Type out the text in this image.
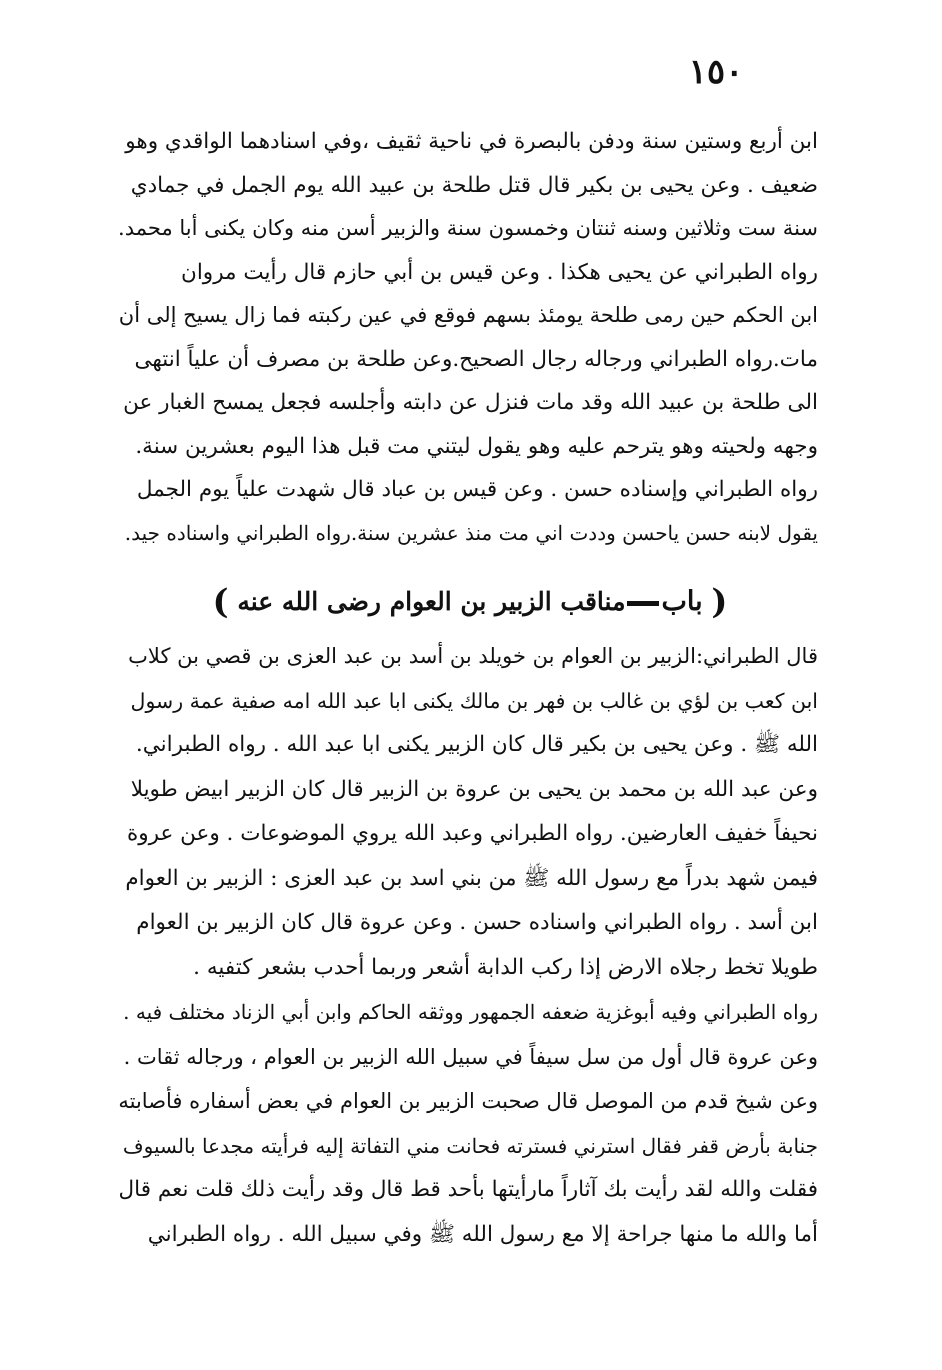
١٥٠
ابن أربع وستين سنة ودفن بالبصرة في ناحية ثقيف ،وفي اسنادهما الواقدي وهو
ضعيف . وعن يحيى بن بكير قال قتل طلحة بن عبيد الله يوم الجمل في جمادي
سنة ست وثلاثين وسنه ثنتان وخمسون سنة والزبير أسن منه وكان يكنى أبا محمد.
رواه الطبراني عن يحيى هكذا . وعن قيس بن أبي حازم قال رأيت مروان
ابن الحكم حين رمى طلحة يومئذ بسهم فوقع في عين ركبته فما زال يسيح إلى أن
مات.رواه الطبراني ورجاله رجال الصحيح.وعن طلحة بن مصرف أن علياً انتهى
الى طلحة بن عبيد الله وقد مات فنزل عن دابته وأجلسه فجعل يمسح الغبار عن
وجهه ولحيته وهو يترحم عليه وهو يقول ليتني مت قبل هذا اليوم بعشرين سنة.
رواه الطبراني وإسناده حسن . وعن قيس بن عباد قال شهدت علياً يوم الجمل
يقول لابنه حسن ياحسن وددت اني مت منذ عشرين سنة.رواه الطبراني واسناده جيد.
( بابمناقب الزبير بن العوام رضى الله عنه )
قال الطبراني:الزبير بن العوام بن خويلد بن أسد بن عبد العزى بن قصي بن كلاب
ابن كعب بن لؤي بن غالب بن فهر بن مالك يكنى ابا عبد الله امه صفية عمة رسول
الله ﷺ . وعن يحيى بن بكير قال كان الزبير يكنى ابا عبد الله . رواه الطبراني.
وعن عبد الله بن محمد بن يحيى بن عروة بن الزبير قال كان الزبير ابيض طويلا
نحيفاً خفيف العارضين. رواه الطبراني وعبد الله يروي الموضوعات . وعن عروة
فيمن شهد بدراً مع رسول الله ﷺ من بني اسد بن عبد العزى : الزبير بن العوام
ابن أسد . رواه الطبراني واسناده حسن . وعن عروة قال كان الزبير بن العوام
طويلا تخط رجلاه الارض إذا ركب الدابة أشعر وربما أحدب بشعر كتفيه .
رواه الطبراني وفيه أبوغزية ضعفه الجمهور ووثقه الحاكم وابن أبي الزناد مختلف فيه .
وعن عروة قال أول من سل سيفاً في سبيل الله الزبير بن العوام ، ورجاله ثقات .
وعن شيخ قدم من الموصل قال صحبت الزبير بن العوام في بعض أسفاره فأصابته
جنابة بأرض قفر فقال استرني فسترته فحانت مني التفاتة إليه فرأيته مجدعا بالسيوف
فقلت والله لقد رأيت بك آثاراً مارأيتها بأحد قط قال وقد رأيت ذلك قلت نعم قال
أما والله ما منها جراحة إلا مع رسول الله ﷺ وفي سبيل الله . رواه الطبراني
